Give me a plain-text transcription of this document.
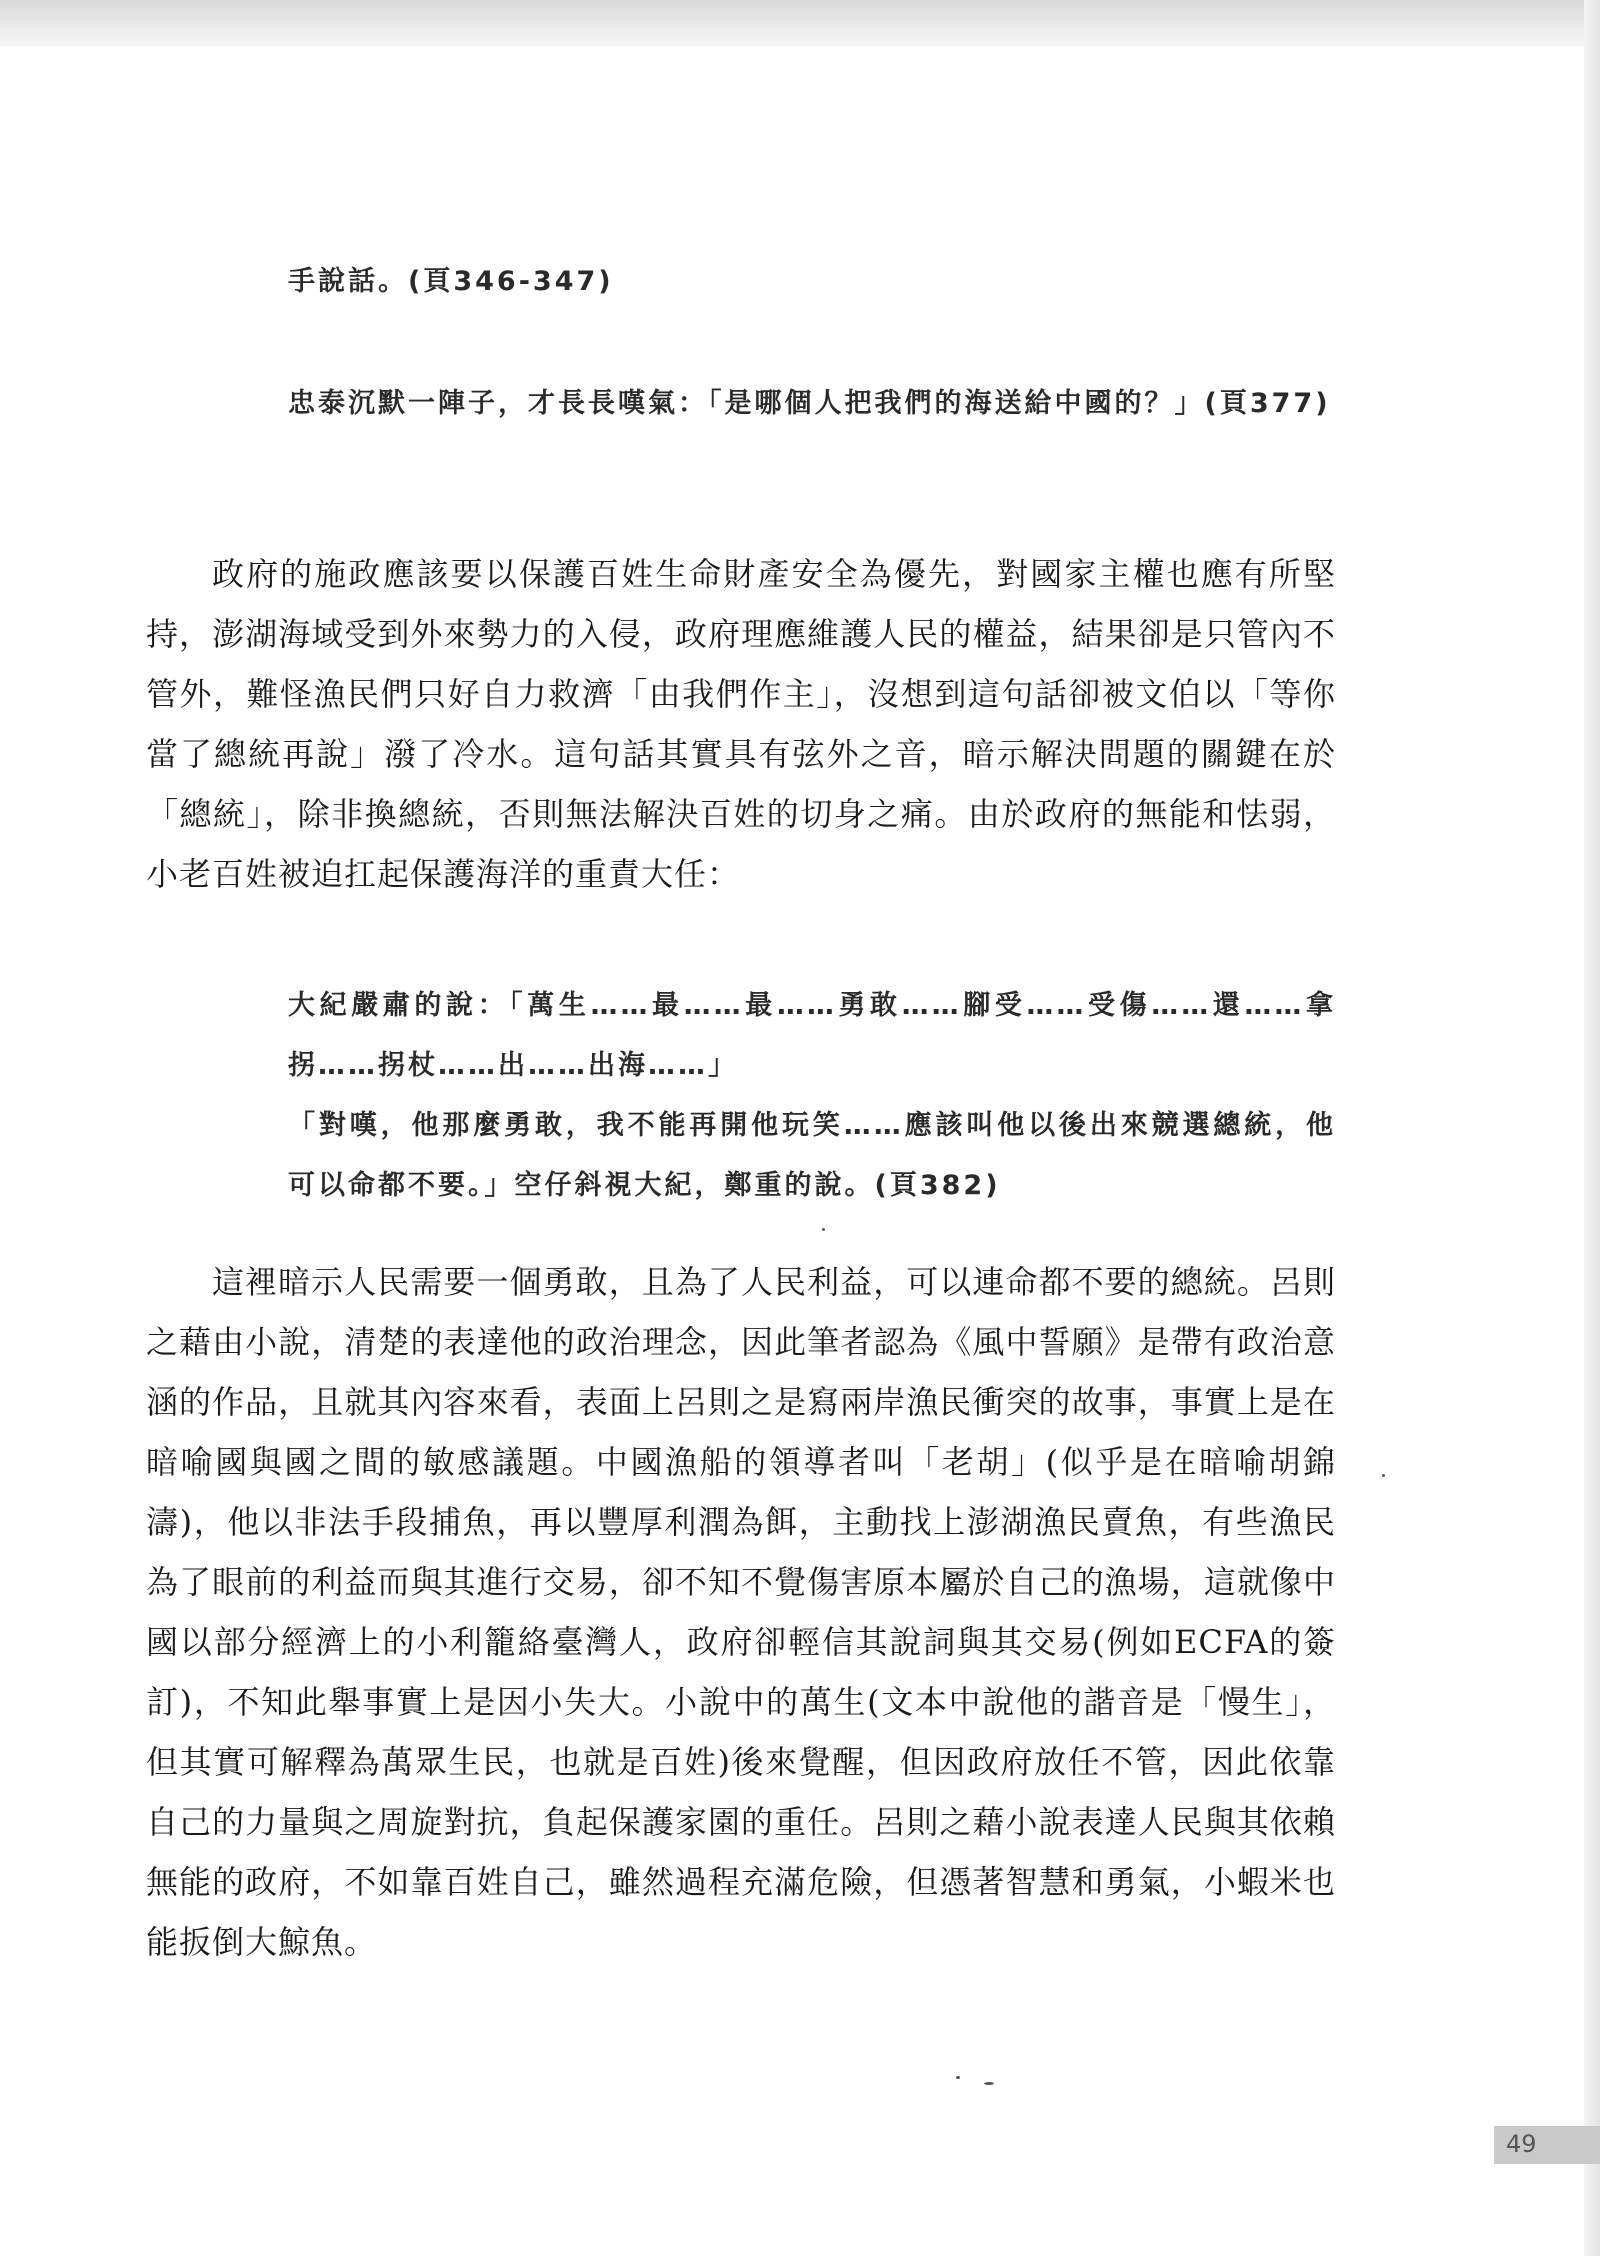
手說話。(頁346-347)

忠泰沉默一陣子，才長長嘆氣：「是哪個人把我們的海送給中國的？」(頁377)

政府的施政應該要以保護百姓生命財產安全為優先，對國家主權也應有所堅持，澎湖海域受到外來勢力的入侵，政府理應維護人民的權益，結果卻是只管內不管外，難怪漁民們只好自力救濟「由我們作主」，沒想到這句話卻被文伯以「等你當了總統再說」潑了冷水。這句話其實具有弦外之音，暗示解決問題的關鍵在於「總統」，除非換總統，否則無法解決百姓的切身之痛。由於政府的無能和怯弱，小老百姓被迫扛起保護海洋的重責大任：

大紀嚴肅的說：「萬生……最……最……勇敢……腳受……受傷……還……拿拐……拐杖……出……出海……」

「對嘆，他那麼勇敢，我不能再開他玩笑……應該叫他以後出來競選總統，他可以命都不要。」空仔斜視大紀，鄭重的說。(頁382)

這裡暗示人民需要一個勇敢，且為了人民利益，可以連命都不要的總統。呂則之藉由小說，清楚的表達他的政治理念，因此筆者認為《風中誓願》是帶有政治意涵的作品，且就其內容來看，表面上呂則之是寫兩岸漁民衝突的故事，事實上是在暗喻國與國之間的敏感議題。中國漁船的領導者叫「老胡」(似乎是在暗喻胡錦濤)，他以非法手段捕魚，再以豐厚利潤為餌，主動找上澎湖漁民賣魚，有些漁民為了眼前的利益而與其進行交易，卻不知不覺傷害原本屬於自己的漁場，這就像中國以部分經濟上的小利籠絡臺灣人，政府卻輕信其說詞與其交易(例如ECFA的簽訂)，不知此舉事實上是因小失大。小說中的萬生(文本中說他的諧音是「慢生」，但其實可解釋為萬眾生民，也就是百姓)後來覺醒，但因政府放任不管，因此依靠自己的力量與之周旋對抗，負起保護家園的重任。呂則之藉小說表達人民與其依賴無能的政府，不如靠百姓自己，雖然過程充滿危險，但憑著智慧和勇氣，小蝦米也能扳倒大鯨魚。

49
